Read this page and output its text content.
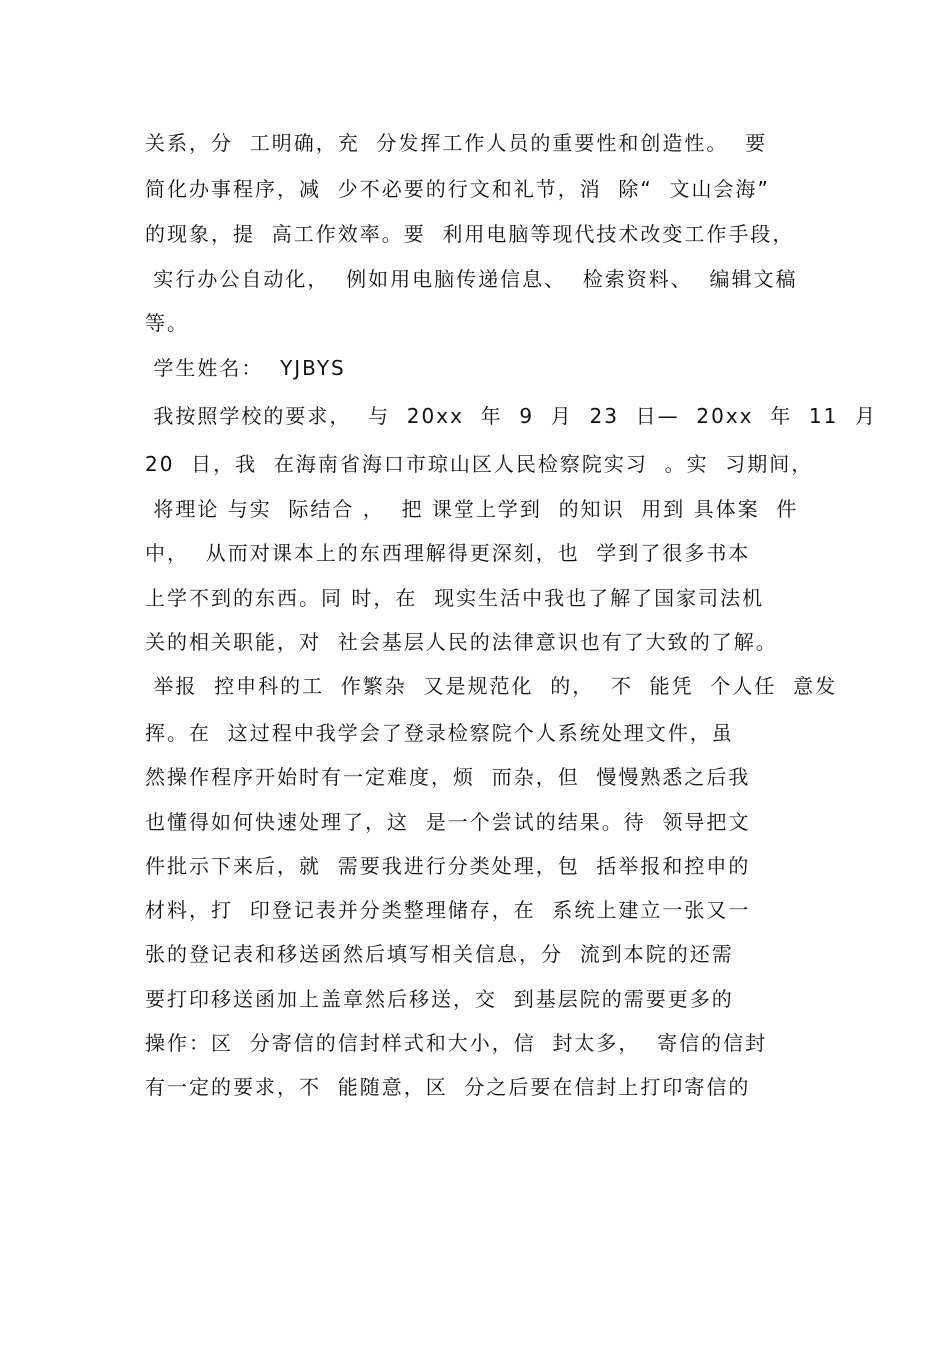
关系，分  工明确，充  分发挥工作人员的重要性和创造性。  要
简化办事程序，减  少不必要的行文和礼节，消  除“  文山会海”
的现象，提  高工作效率。要  利用电脑等现代技术改变工作手段，
实行办公自动化，  例如用电脑传递信息、  检索资料、  编辑文稿
等。
学生姓名：  YJBYS
我按照学校的要求，  与  20xx  年  9  月  23  日—  20xx  年  11  月
20  日，我  在海南省海口市琼山区人民检察院实习  。实  习期间，
将理论 与实  际结合 ，  把 课堂上学到  的知识  用到 具体案  件
中，  从而对课本上的东西理解得更深刻，也  学到了很多书本
上学不到的东西。同 时，在  现实生活中我也了解了国家司法机
关的相关职能，对  社会基层人民的法律意识也有了大致的了解。
举报  控申科的工  作繁杂  又是规范化  的，  不  能凭  个人任  意发
挥。在  这过程中我学会了登录检察院个人系统处理文件，虽
然操作程序开始时有一定难度，烦  而杂，但  慢慢熟悉之后我
也懂得如何快速处理了，这  是一个尝试的结果。待  领导把文
件批示下来后，就  需要我进行分类处理，包  括举报和控申的
材料，打  印登记表并分类整理储存，在  系统上建立一张又一
张的登记表和移送函然后填写相关信息，分  流到本院的还需
要打印移送函加上盖章然后移送，交  到基层院的需要更多的
操作：区  分寄信的信封样式和大小，信  封太多，  寄信的信封
有一定的要求，不  能随意，区  分之后要在信封上打印寄信的
